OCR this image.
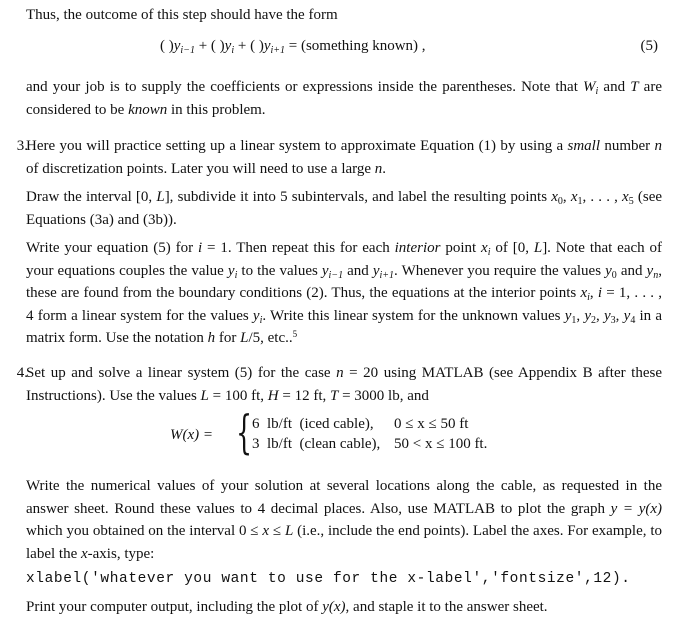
Thus, the outcome of this step should have the form

( )$y_{i-1}$ + ( )$y_i$ + ( )$y_{i+1}$ = (something known) ,	(5)

and your job is to supply the coefficients or expressions inside the parentheses. Note that $W_i$ and T are considered to be known in this problem.

3.

Here you will practice setting up a linear system to approximate Equation (1) by using a small number n of discretization points. Later you will need to use a large n.

Draw the interval [0, L], subdivide it into 5 subintervals, and label the resulting points $x_0$, $x_1$, . . . , $x_5$ (see Equations (3a) and (3b)).

Write your equation (5) for i = 1. Then repeat this for each interior point $x_i$ of [0, L]. Note that each of your equations couples the value $y_i$ to the values $y_{i-1}$ and $y_{i+1}$. Whenever you require the values $y_0$ and $y_n$, these are found from the boundary conditions (2). Thus, the equations at the interior points $x_i$, i = 1, . . . , 4 form a linear system for the values $y_i$. Write this linear system for the unknown values $y_1$, $y_2$, $y_3$, $y_4$ in a matrix form. Use the notation h for L/5, etc..$^5$

4.

Set up and solve a linear system (5) for the case n = 20 using MATLAB (see Appendix B after these Instructions). Use the values L = 100 ft, H = 12 ft, T = 3000 lb, and

W(x) = { 6  lb/ft  (iced cable), 0 ≤ x ≤ 50 ft
3  lb/ft  (clean cable), 50 < x ≤ 100 ft.

Write the numerical values of your solution at several locations along the cable, as requested in the answer sheet. Round these values to 4 decimal places. Also, use MATLAB to plot the graph y = y(x) which you obtained on the interval 0 ≤ x ≤ L (i.e., include the end points). Label the axes. For example, to label the x-axis, type:

xlabel('whatever you want to use for the x-label','fontsize',12).

Print your computer output, including the plot of y(x), and staple it to the answer sheet.
